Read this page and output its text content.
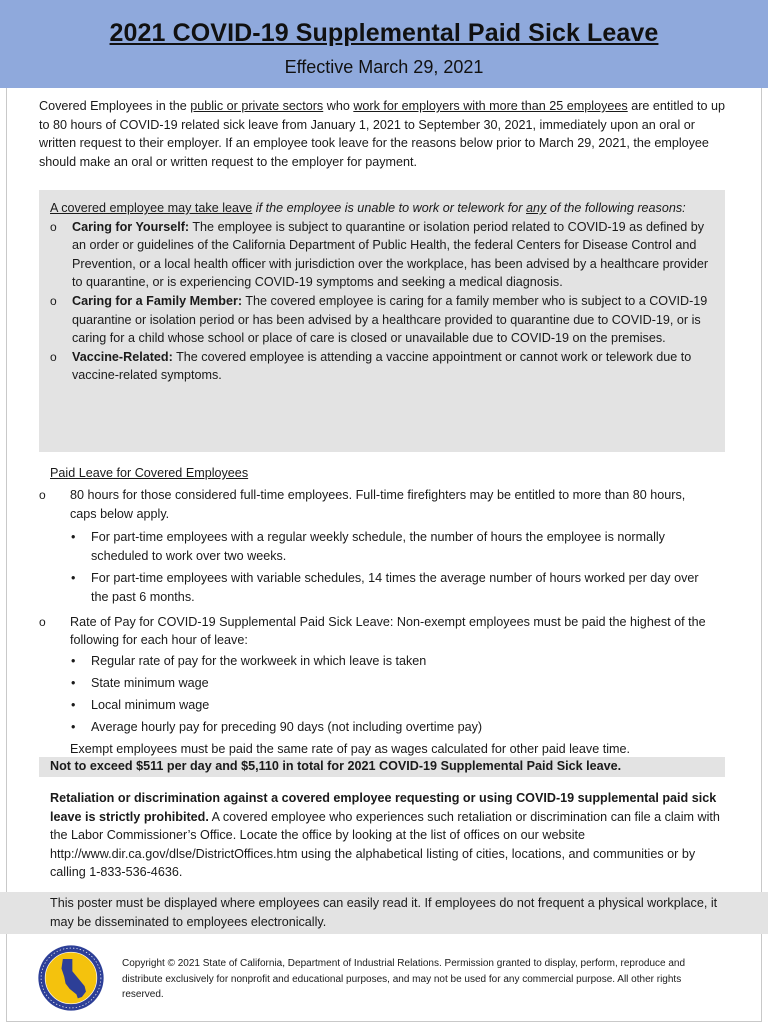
2021 COVID-19 Supplemental Paid Sick Leave
Effective March 29, 2021
Covered Employees in the public or private sectors who work for employers with more than 25 employees are entitled to up to 80 hours of COVID-19 related sick leave from January 1, 2021 to September 30, 2021, immediately upon an oral or written request to their employer. If an employee took leave for the reasons below prior to March 29, 2021, the employee should make an oral or written request to the employer for payment.
A covered employee may take leave if the employee is unable to work or telework for any of the following reasons:
o Caring for Yourself: The employee is subject to quarantine or isolation period related to COVID-19 as defined by an order or guidelines of the California Department of Public Health, the federal Centers for Disease Control and Prevention, or a local health officer with jurisdiction over the workplace, has been advised by a healthcare provider to quarantine, or is experiencing COVID-19 symptoms and seeking a medical diagnosis.
o Caring for a Family Member: The covered employee is caring for a family member who is subject to a COVID-19 quarantine or isolation period or has been advised by a healthcare provided to quarantine due to COVID-19, or is caring for a child whose school or place of care is closed or unavailable due to COVID-19 on the premises.
o Vaccine-Related: The covered employee is attending a vaccine appointment or cannot work or telework due to vaccine-related symptoms.
Paid Leave for Covered Employees
o 80 hours for those considered full-time employees. Full-time firefighters may be entitled to more than 80 hours, caps below apply.
• For part-time employees with a regular weekly schedule, the number of hours the employee is normally scheduled to work over two weeks.
• For part-time employees with variable schedules, 14 times the average number of hours worked per day over the past 6 months.
o Rate of Pay for COVID-19 Supplemental Paid Sick Leave: Non-exempt employees must be paid the highest of the following for each hour of leave:
• Regular rate of pay for the workweek in which leave is taken
• State minimum wage
• Local minimum wage
• Average hourly pay for preceding 90 days (not including overtime pay)
Exempt employees must be paid the same rate of pay as wages calculated for other paid leave time.
Not to exceed $511 per day and $5,110 in total for 2021 COVID-19 Supplemental Paid Sick leave.
Retaliation or discrimination against a covered employee requesting or using COVID-19 supplemental paid sick leave is strictly prohibited. A covered employee who experiences such retaliation or discrimination can file a claim with the Labor Commissioner’s Office. Locate the office by looking at the list of offices on our website http://www.dir.ca.gov/dlse/DistrictOffices.htm using the alphabetical listing of cities, locations, and communities or by calling 1-833-536-4636.
This poster must be displayed where employees can easily read it. If employees do not frequent a physical workplace, it may be disseminated to employees electronically.
Copyright © 2021 State of California, Department of Industrial Relations. Permission granted to display, perform, reproduce and distribute exclusively for nonprofit and educational purposes, and may not be used for any commercial purpose. All other rights reserved.
